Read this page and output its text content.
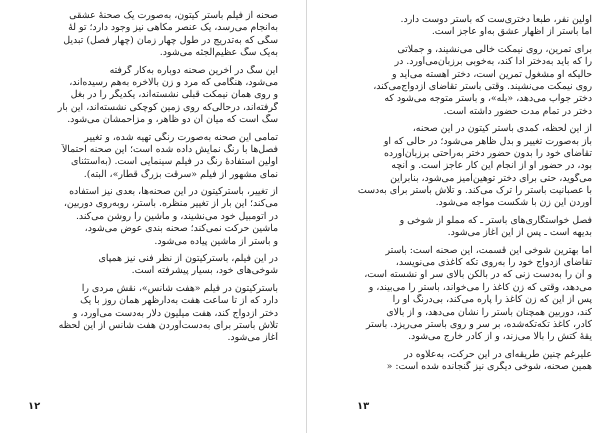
صحنه از فیلم باستر کیتون، به‌صورت یک صحنهٔ عشقی
به‌انجام می‌رسد، یک عنصر مکاهی نیز وجود دارد؛ تو لهٔ
سگی که به‌تدریج در طول چهار زمان (چهار فصل) تبدیل
به‌یک سگ عظیم‌الجثه می‌شود.
این سگ در آخرین صحنه دوباره به‌کار گرفته
می‌شود، هنگامی که مرد و زن بالاخره به‌هم رسیده‌اند،
و روی همان نیمکت قبلی نشسته‌اند، یکدیگر را در بغل
گرفته‌اند، درحالی‌که روی زمین کوچکی نشسته‌اند، این بار
سگ است که میان آن دو ظاهر، و مزاحمشان می‌شود.
تمامی این صحنه به‌صورت رنگی تهیه شده، و تغییر
فصل‌ها با رنگ نمایش داده شده است؛ این صحنه احتمالاً
اولین استفادهٔ رنگ در فیلم سینمایی است. (به‌استثنای
نمای مشهور از فیلم «سرقت بزرگ قطار»، البته).
از تغییر، باسترکیتون در این صحنه‌ها، بعدی نیز استفاده
می‌کند؛ این بار از تغییر منظره. باستر، روبه‌روی دوربین،
در اتومبیل خود می‌نشیند، و ماشین را روشن می‌کند.
ماشین حرکت نمی‌کند؛ صحنه بندی عوض می‌شود،
و باستر از ماشین پیاده می‌شود.
در این فیلم، باسترکیتون از نظر فنی نیز همپای
شوخی‌های خود، بسیار پیشرفته است.
باسترکیتون در فیلم «هفت شانس»، نقش مردی را
دارد که از تا ساعت هفت به‌دارظهر همان روز با یک
دختر ازدواج کند، هفت میلیون دلار به‌دست می‌آورد، و
تلاش باستر برای به‌دست‌آوردن هفت شانس از این لحظه
آغاز می‌شود.
۱۲
اولین نفر، طبعاً دختری‌ست که باستر دوست دارد.
اما باستر از اظهار عشق به‌او عاجز است.
برای تمرین، روی نیمکت خالی می‌نشیند، و جملاتی
را که باید به‌دختر ادا کند، به‌خوبی برزبان‌می‌آورد. در
حالیکه او مشغول تمرین است، دختر آهسته می‌آید و
روی نیمکت می‌نشیند. وقتی باستر تقاضای ازدواج‌می‌کند،
دختر جواب می‌دهد، «بله»، و باستر متوجه می‌شود که
دختر در تمام مدت حضور داشته است.
از این لحظه، کمدی باستر کیتون در این صحنه،
باز به‌صورت تغییر و بدل ظاهر می‌شود؛ در حالی که او
تقاضای خود را بدون حضور دختر به‌راحتی برزبان‌آورده
بود، در حضور او از انجام این کار عاجز است. و آنچه
می‌گوید، حتی برای دختر توهین‌آمیز می‌شود، بنابراین
با عصبانیت باستر را ترک می‌کند. و تلاش باستر برای به‌دست
آوردن این زن با شکست مواجه می‌شود.
فصل خواستگاری‌های باستر ـ که مملو از شوخی و
بدیهه است ـ پس از این آغاز می‌شود.
اما بهترین شوخی این قسمت، این صحنه است: باستر
تقاضای ازدواج خود را به‌روی تکه کاغذی می‌نویسد،
و آن را به‌دست زنی که در بالکن بالای سر او نشسته است،
می‌دهد، وقتی که زن کاغذ را می‌خواند، باستر را می‌بیند، و
پس از این که زن کاغذ را پاره می‌کند، بی‌درنگ او را
کند، دوربین همچنان باستر را نشان می‌دهد، و از بالای
کادر، کاغذ تکه‌تکه‌شده، بر سر و روی باستر می‌ریزد. باستر
یقهٔ کتش را بالا می‌زند، و از کادر خارج می‌شود.
علیرغم چنین طریقه‌ای در این حرکت، به‌علاوه در
همین صحنه، شوخی دیگری نیز گنجانده شده است: «
۱۳
